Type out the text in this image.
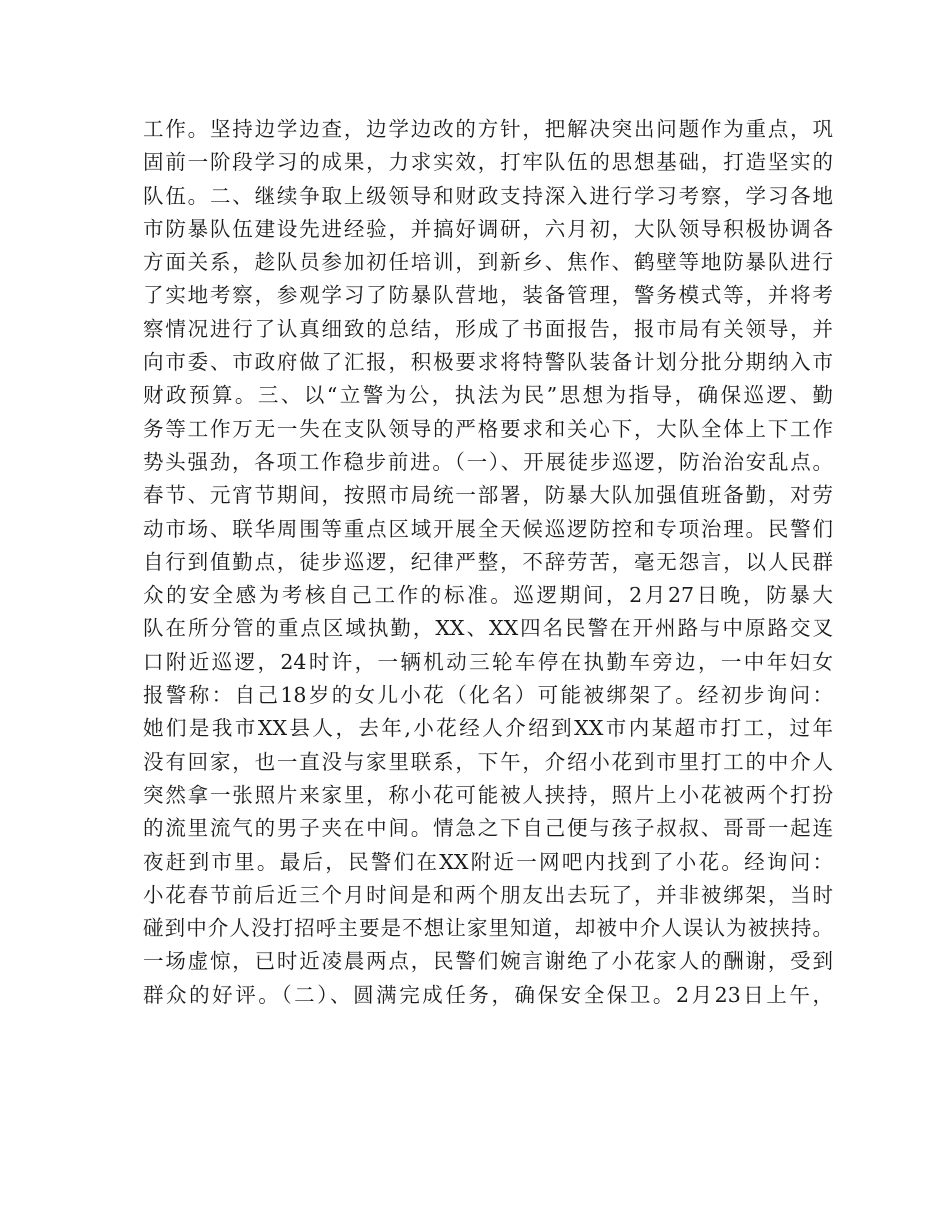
工作。坚持边学边查，边学边改的方针，把解决突出问题作为重点，巩
固前一阶段学习的成果，力求实效，打牢队伍的思想基础，打造坚实的
队伍。二、继续争取上级领导和财政支持深入进行学习考察，学习各地
市防暴队伍建设先进经验，并搞好调研，六月初，大队领导积极协调各
方面关系，趁队员参加初任培训，到新乡、焦作、鹤壁等地防暴队进行
了实地考察，参观学习了防暴队营地，装备管理，警务模式等，并将考
察情况进行了认真细致的总结，形成了书面报告，报市局有关领导，并
向市委、市政府做了汇报，积极要求将特警队装备计划分批分期纳入市
财政预算。三、以“立警为公，执法为民”思想为指导，确保巡逻、勤
务等工作万无一失在支队领导的严格要求和关心下，大队全体上下工作
势头强劲，各项工作稳步前进。（一）、开展徒步巡逻，防治治安乱点。
春节、元宵节期间，按照市局统一部署，防暴大队加强值班备勤，对劳
动市场、联华周围等重点区域开展全天候巡逻防控和专项治理。民警们
自行到值勤点，徒步巡逻，纪律严整，不辞劳苦，毫无怨言，以人民群
众的安全感为考核自己工作的标准。巡逻期间，2月27日晚，防暴大
队在所分管的重点区域执勤，XX、XX四名民警在开州路与中原路交叉
口附近巡逻，24时许，一辆机动三轮车停在执勤车旁边，一中年妇女
报警称：自己18岁的女儿小花（化名）可能被绑架了。经初步询问：
她们是我市XX县人，去年,小花经人介绍到XX市内某超市打工，过年
没有回家，也一直没与家里联系，下午，介绍小花到市里打工的中介人
突然拿一张照片来家里，称小花可能被人挟持，照片上小花被两个打扮
的流里流气的男子夹在中间。情急之下自己便与孩子叔叔、哥哥一起连
夜赶到市里。最后，民警们在XX附近一网吧内找到了小花。经询问：
小花春节前后近三个月时间是和两个朋友出去玩了，并非被绑架，当时
碰到中介人没打招呼主要是不想让家里知道，却被中介人误认为被挟持。
一场虚惊，已时近凌晨两点，民警们婉言谢绝了小花家人的酬谢，受到
群众的好评。（二）、圆满完成任务，确保安全保卫。2月23日上午，
